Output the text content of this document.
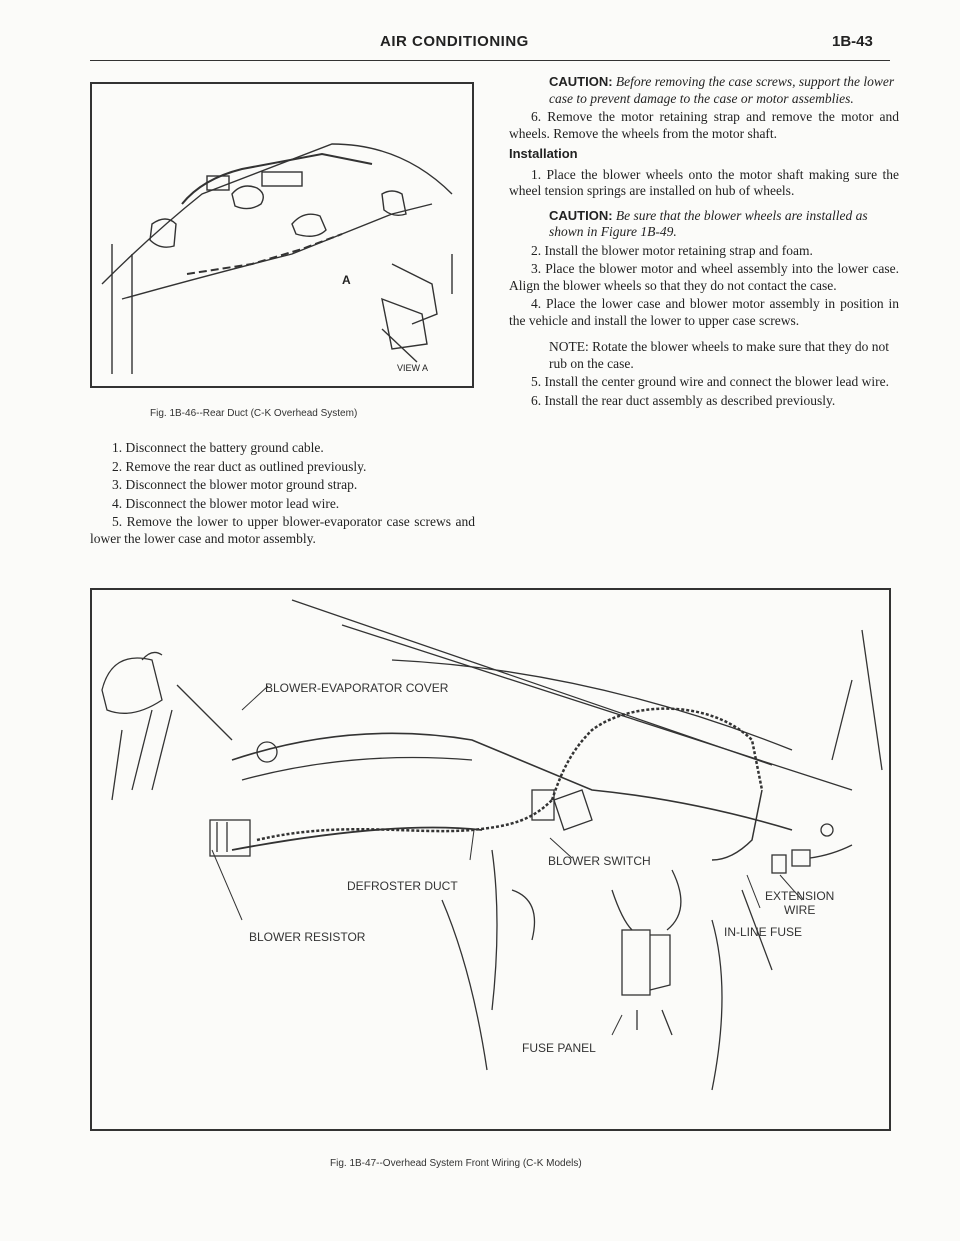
AIR CONDITIONING	1B-43
A
VIEW A
Fig. 1B-46--Rear Duct (C-K Overhead System)

1. Disconnect the battery ground cable.

2. Remove the rear duct as outlined previously.

3. Disconnect the blower motor ground strap.

4. Disconnect the blower motor lead wire.

5. Remove the lower to upper blower-evaporator case screws and lower the lower case and motor assembly.

CAUTION: Before removing the case screws, support the lower case to prevent damage to the case or motor assemblies.

6. Remove the motor retaining strap and remove the motor and wheels. Remove the wheels from the motor shaft.

Installation

1. Place the blower wheels onto the motor shaft making sure the wheel tension springs are installed on hub of wheels.

CAUTION: Be sure that the blower wheels are installed as shown in Figure 1B-49.

2. Install the blower motor retaining strap and foam.

3. Place the blower motor and wheel assembly into the lower case. Align the blower wheels so that they do not contact the case.

4. Place the lower case and blower motor assembly in position in the vehicle and install the lower to upper case screws.

NOTE: Rotate the blower wheels to make sure that they do not rub on the case.

5. Install the center ground wire and connect the blower lead wire.

6. Install the rear duct assembly as described previously.

BLOWER-EVAPORATOR COVER
BLOWER SWITCH
DEFROSTER DUCT
EXTENSION
WIRE
BLOWER RESISTOR	IN-LINE FUSE
FUSE PANEL
Fig. 1B-47--Overhead System Front Wiring (C-K Models)
